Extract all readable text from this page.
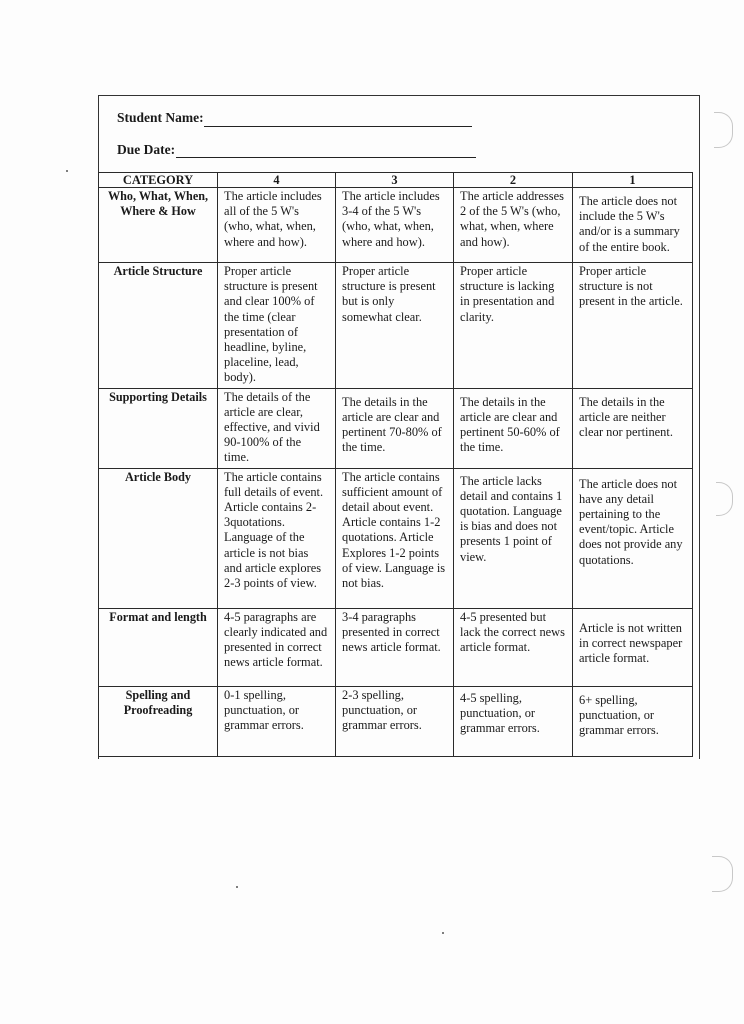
Student Name:
Due Date:
CATEGORY	4	3	2	1
Who, What, When, Where & How	The article includes all of the 5 W's (who, what, when, where and how).	The article includes 3-4 of the 5 W's (who, what, when, where and how).	The article addresses 2 of the 5 W's (who, what, when, where and how).	The article does not include the 5 W's and/or is a summary of the entire book.
Article Structure	Proper article structure is present and clear 100% of the time (clear presentation of headline, byline, placeline, lead, body).	Proper article structure is present but is only somewhat clear.	Proper article structure is lacking in presentation and clarity.	Proper article structure is not present in the article.
Supporting Details	The details of the article are clear, effective, and vivid 90-100% of the time.	The details in the article are clear and pertinent 70-80% of the time.	The details in the article are clear and pertinent 50-60% of the time.	The details in the article are neither clear nor pertinent.
Article Body	The article contains full details of event. Article contains 2-3quotations. Language of the article is not bias and article explores 2-3 points of view.	The article contains sufficient amount of detail about event. Article contains 1-2 quotations. Article Explores 1-2 points of view. Language is not bias.	The article lacks detail and contains 1 quotation. Language is bias and does not presents 1 point of view.	The article does not have any detail pertaining to the event/topic. Article does not provide any quotations.
Format and length	4-5 paragraphs are clearly indicated and presented in correct news article format.	3-4 paragraphs presented in correct news article format.	4-5 presented but lack the correct news article format.	Article is not written in correct newspaper article format.
Spelling and Proofreading	0-1 spelling, punctuation, or grammar errors.	2-3 spelling, punctuation, or grammar errors.	4-5 spelling, punctuation, or grammar errors.	6+ spelling, punctuation, or grammar errors.
